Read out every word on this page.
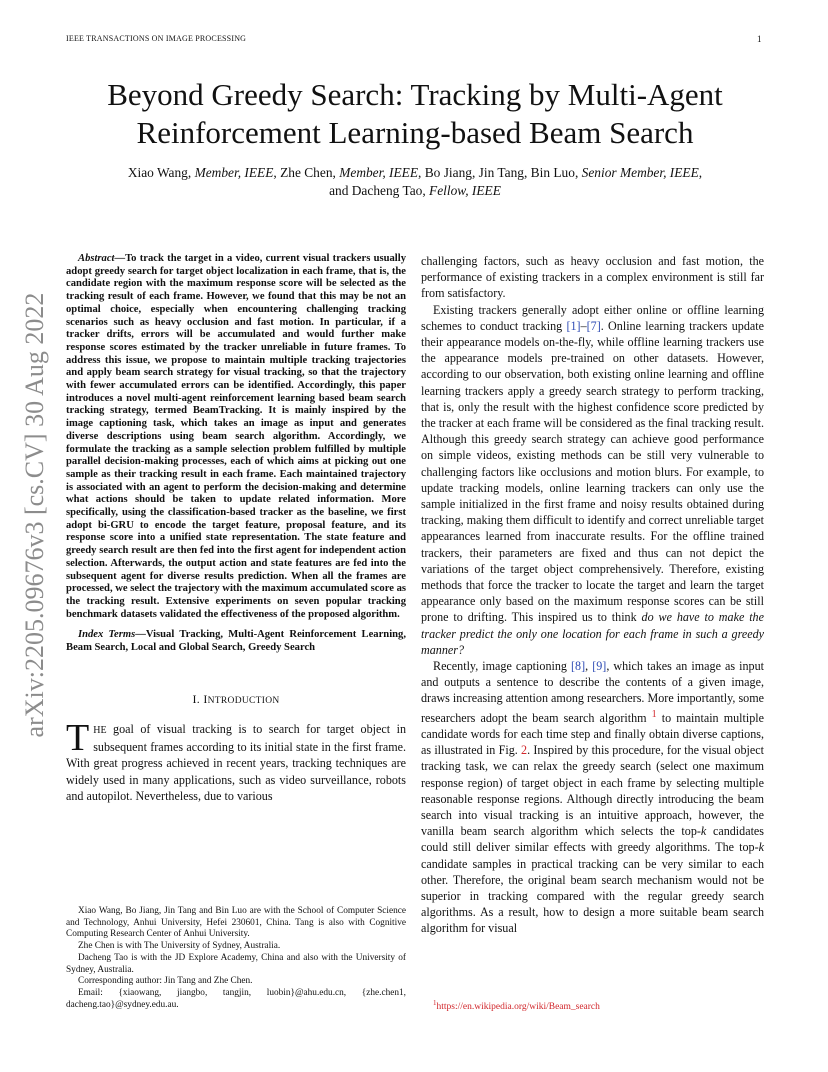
IEEE TRANSACTIONS ON IMAGE PROCESSING	1
arXiv:2205.09676v3 [cs.CV] 30 Aug 2022
Beyond Greedy Search: Tracking by Multi-Agent
Reinforcement Learning-based Beam Search
Xiao Wang, Member, IEEE, Zhe Chen, Member, IEEE, Bo Jiang, Jin Tang, Bin Luo, Senior Member, IEEE,
and Dacheng Tao, Fellow, IEEE

Abstract—To track the target in a video, current visual trackers usually adopt greedy search for target object localization in each frame, that is, the candidate region with the maximum response score will be selected as the tracking result of each frame. However, we found that this may be not an optimal choice, especially when encountering challenging tracking scenarios such as heavy occlusion and fast motion. In particular, if a tracker drifts, errors will be accumulated and would further make response scores estimated by the tracker unreliable in future frames. To address this issue, we propose to maintain multiple tracking trajectories and apply beam search strategy for visual tracking, so that the trajectory with fewer accumulated errors can be identified. Accordingly, this paper introduces a novel multi-agent reinforcement learning based beam search tracking strategy, termed BeamTracking. It is mainly inspired by the image captioning task, which takes an image as input and generates diverse descriptions using beam search algorithm. Accordingly, we formulate the tracking as a sample selection problem fulfilled by multiple parallel decision-making processes, each of which aims at picking out one sample as their tracking result in each frame. Each maintained trajectory is associated with an agent to perform the decision-making and determine what actions should be taken to update related information. More specifically, using the classification-based tracker as the baseline, we first adopt bi-GRU to encode the target feature, proposal feature, and its response score into a unified state representation. The state feature and greedy search result are then fed into the first agent for independent action selection. Afterwards, the output action and state features are fed into the subsequent agent for diverse results prediction. When all the frames are processed, we select the trajectory with the maximum accumulated score as the tracking result. Extensive experiments on seven popular tracking benchmark datasets validated the effectiveness of the proposed algorithm.

Index Terms—Visual Tracking, Multi-Agent Reinforcement Learning, Beam Search, Local and Global Search, Greedy Search

I. INTRODUCTION

THE goal of visual tracking is to search for target object in subsequent frames according to its initial state in the first frame. With great progress achieved in recent years, tracking techniques are widely used in many applications, such as video surveillance, robots and autopilot. Nevertheless, due to various

Xiao Wang, Bo Jiang, Jin Tang and Bin Luo are with the School of Computer Science and Technology, Anhui University, Hefei 230601, China. Tang is also with Cognitive Computing Research Center of Anhui University.

Zhe Chen is with The University of Sydney, Australia.

Dacheng Tao is with the JD Explore Academy, China and also with the University of Sydney, Australia.

Corresponding author: Jin Tang and Zhe Chen.

Email: {xiaowang, jiangbo, tangjin, luobin}@ahu.edu.cn, {zhe.chen1, dacheng.tao}@sydney.edu.au.

challenging factors, such as heavy occlusion and fast motion, the performance of existing trackers in a complex environment is still far from satisfactory.

Existing trackers generally adopt either online or offline learning schemes to conduct tracking [1]–[7]. Online learning trackers update their appearance models on-the-fly, while offline learning trackers use the appearance models pre-trained on other datasets. However, according to our observation, both existing online learning and offline learning trackers apply a greedy search strategy to perform tracking, that is, only the result with the highest confidence score predicted by the tracker at each frame will be considered as the final tracking result. Although this greedy search strategy can achieve good performance on simple videos, existing methods can be still very vulnerable to challenging factors like occlusions and motion blurs. For example, to update tracking models, online learning trackers can only use the sample initialized in the first frame and noisy results obtained during tracking, making them difficult to identify and correct unreliable target appearances learned from inaccurate results. For the offline trained trackers, their parameters are fixed and thus can not depict the variations of the target object comprehensively. Therefore, existing methods that force the tracker to locate the target and learn the target appearance only based on the maximum response scores can be still prone to drifting. This inspired us to think do we have to make the tracker predict the only one location for each frame in such a greedy manner?

Recently, image captioning [8], [9], which takes an image as input and outputs a sentence to describe the contents of a given image, draws increasing attention among researchers. More importantly, some researchers adopt the beam search algorithm $^1$ to maintain multiple candidate words for each time step and finally obtain diverse captions, as illustrated in Fig. 2. Inspired by this procedure, for the visual object tracking task, we can relax the greedy search (select one maximum response region) of target object in each frame by selecting multiple reasonable response regions. Although directly introducing the beam search into visual tracking is an intuitive approach, however, the vanilla beam search algorithm which selects the top-k candidates could still deliver similar effects with greedy algorithms. The top-k candidate samples in practical tracking can be very similar to each other. Therefore, the original beam search mechanism would not be superior in tracking compared with the regular greedy search algorithms. As a result, how to design a more suitable beam search algorithm for visual

$^1$https://en.wikipedia.org/wiki/Beam_search
